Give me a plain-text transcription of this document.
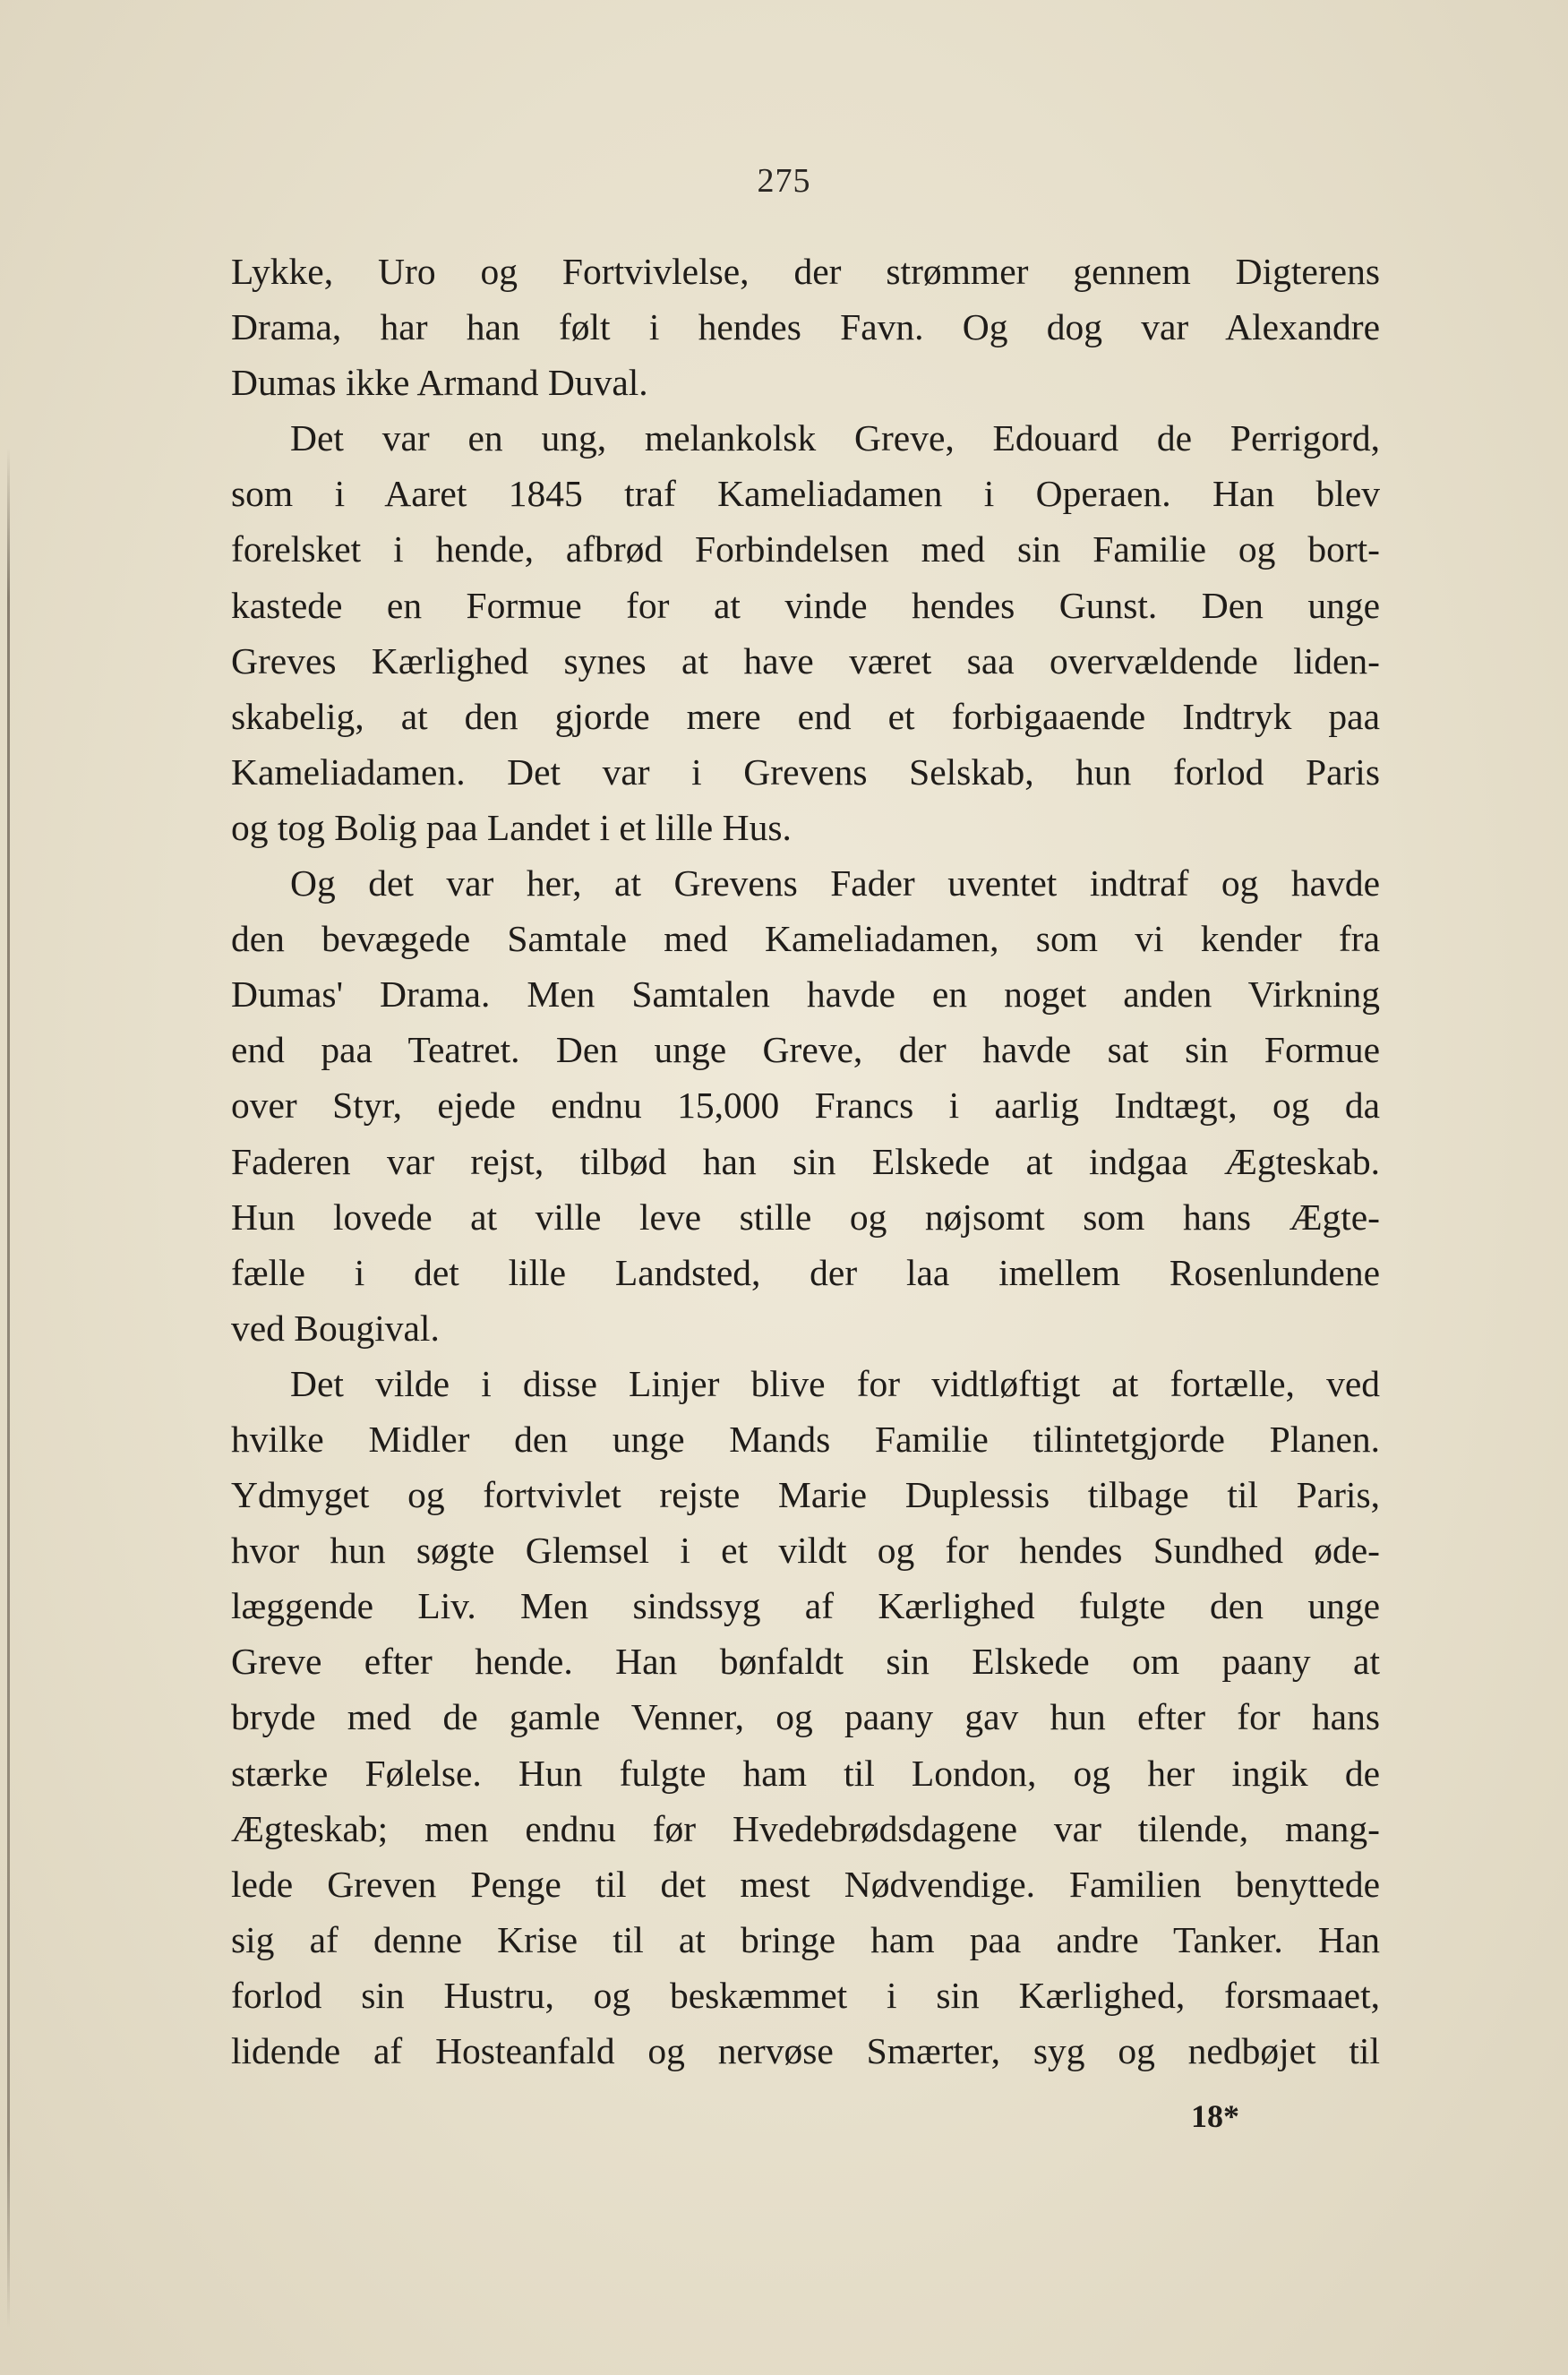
275
Lykke, Uro og Fortvivlelse, der strømmer gennem Digterens
Drama, har han følt i hendes Favn. Og dog var Alexandre
Dumas ikke Armand Duval.
Det var en ung, melankolsk Greve, Edouard de Perrigord,
som i Aaret 1845 traf Kameliadamen i Operaen. Han blev
forelsket i hende, afbrød Forbindelsen med sin Familie og bort-
kastede en Formue for at vinde hendes Gunst. Den unge
Greves Kærlighed synes at have været saa overvældende liden-
skabelig, at den gjorde mere end et forbigaaende Indtryk paa
Kameliadamen. Det var i Grevens Selskab, hun forlod Paris
og tog Bolig paa Landet i et lille Hus.
Og det var her, at Grevens Fader uventet indtraf og havde
den bevægede Samtale med Kameliadamen, som vi kender fra
Dumas' Drama. Men Samtalen havde en noget anden Virkning
end paa Teatret. Den unge Greve, der havde sat sin Formue
over Styr, ejede endnu 15,000 Francs i aarlig Indtægt, og da
Faderen var rejst, tilbød han sin Elskede at indgaa Ægteskab.
Hun lovede at ville leve stille og nøjsomt som hans Ægte-
fælle i det lille Landsted, der laa imellem Rosenlundene
ved Bougival.
Det vilde i disse Linjer blive for vidtløftigt at fortælle, ved
hvilke Midler den unge Mands Familie tilintetgjorde Planen.
Ydmyget og fortvivlet rejste Marie Duplessis tilbage til Paris,
hvor hun søgte Glemsel i et vildt og for hendes Sundhed øde-
læggende Liv. Men sindssyg af Kærlighed fulgte den unge
Greve efter hende. Han bønfaldt sin Elskede om paany at
bryde med de gamle Venner, og paany gav hun efter for hans
stærke Følelse. Hun fulgte ham til London, og her ingik de
Ægteskab; men endnu før Hvedebrødsdagene var tilende, mang-
lede Greven Penge til det mest Nødvendige. Familien benyttede
sig af denne Krise til at bringe ham paa andre Tanker. Han
forlod sin Hustru, og beskæmmet i sin Kærlighed, forsmaaet,
lidende af Hosteanfald og nervøse Smærter, syg og nedbøjet til
18*
